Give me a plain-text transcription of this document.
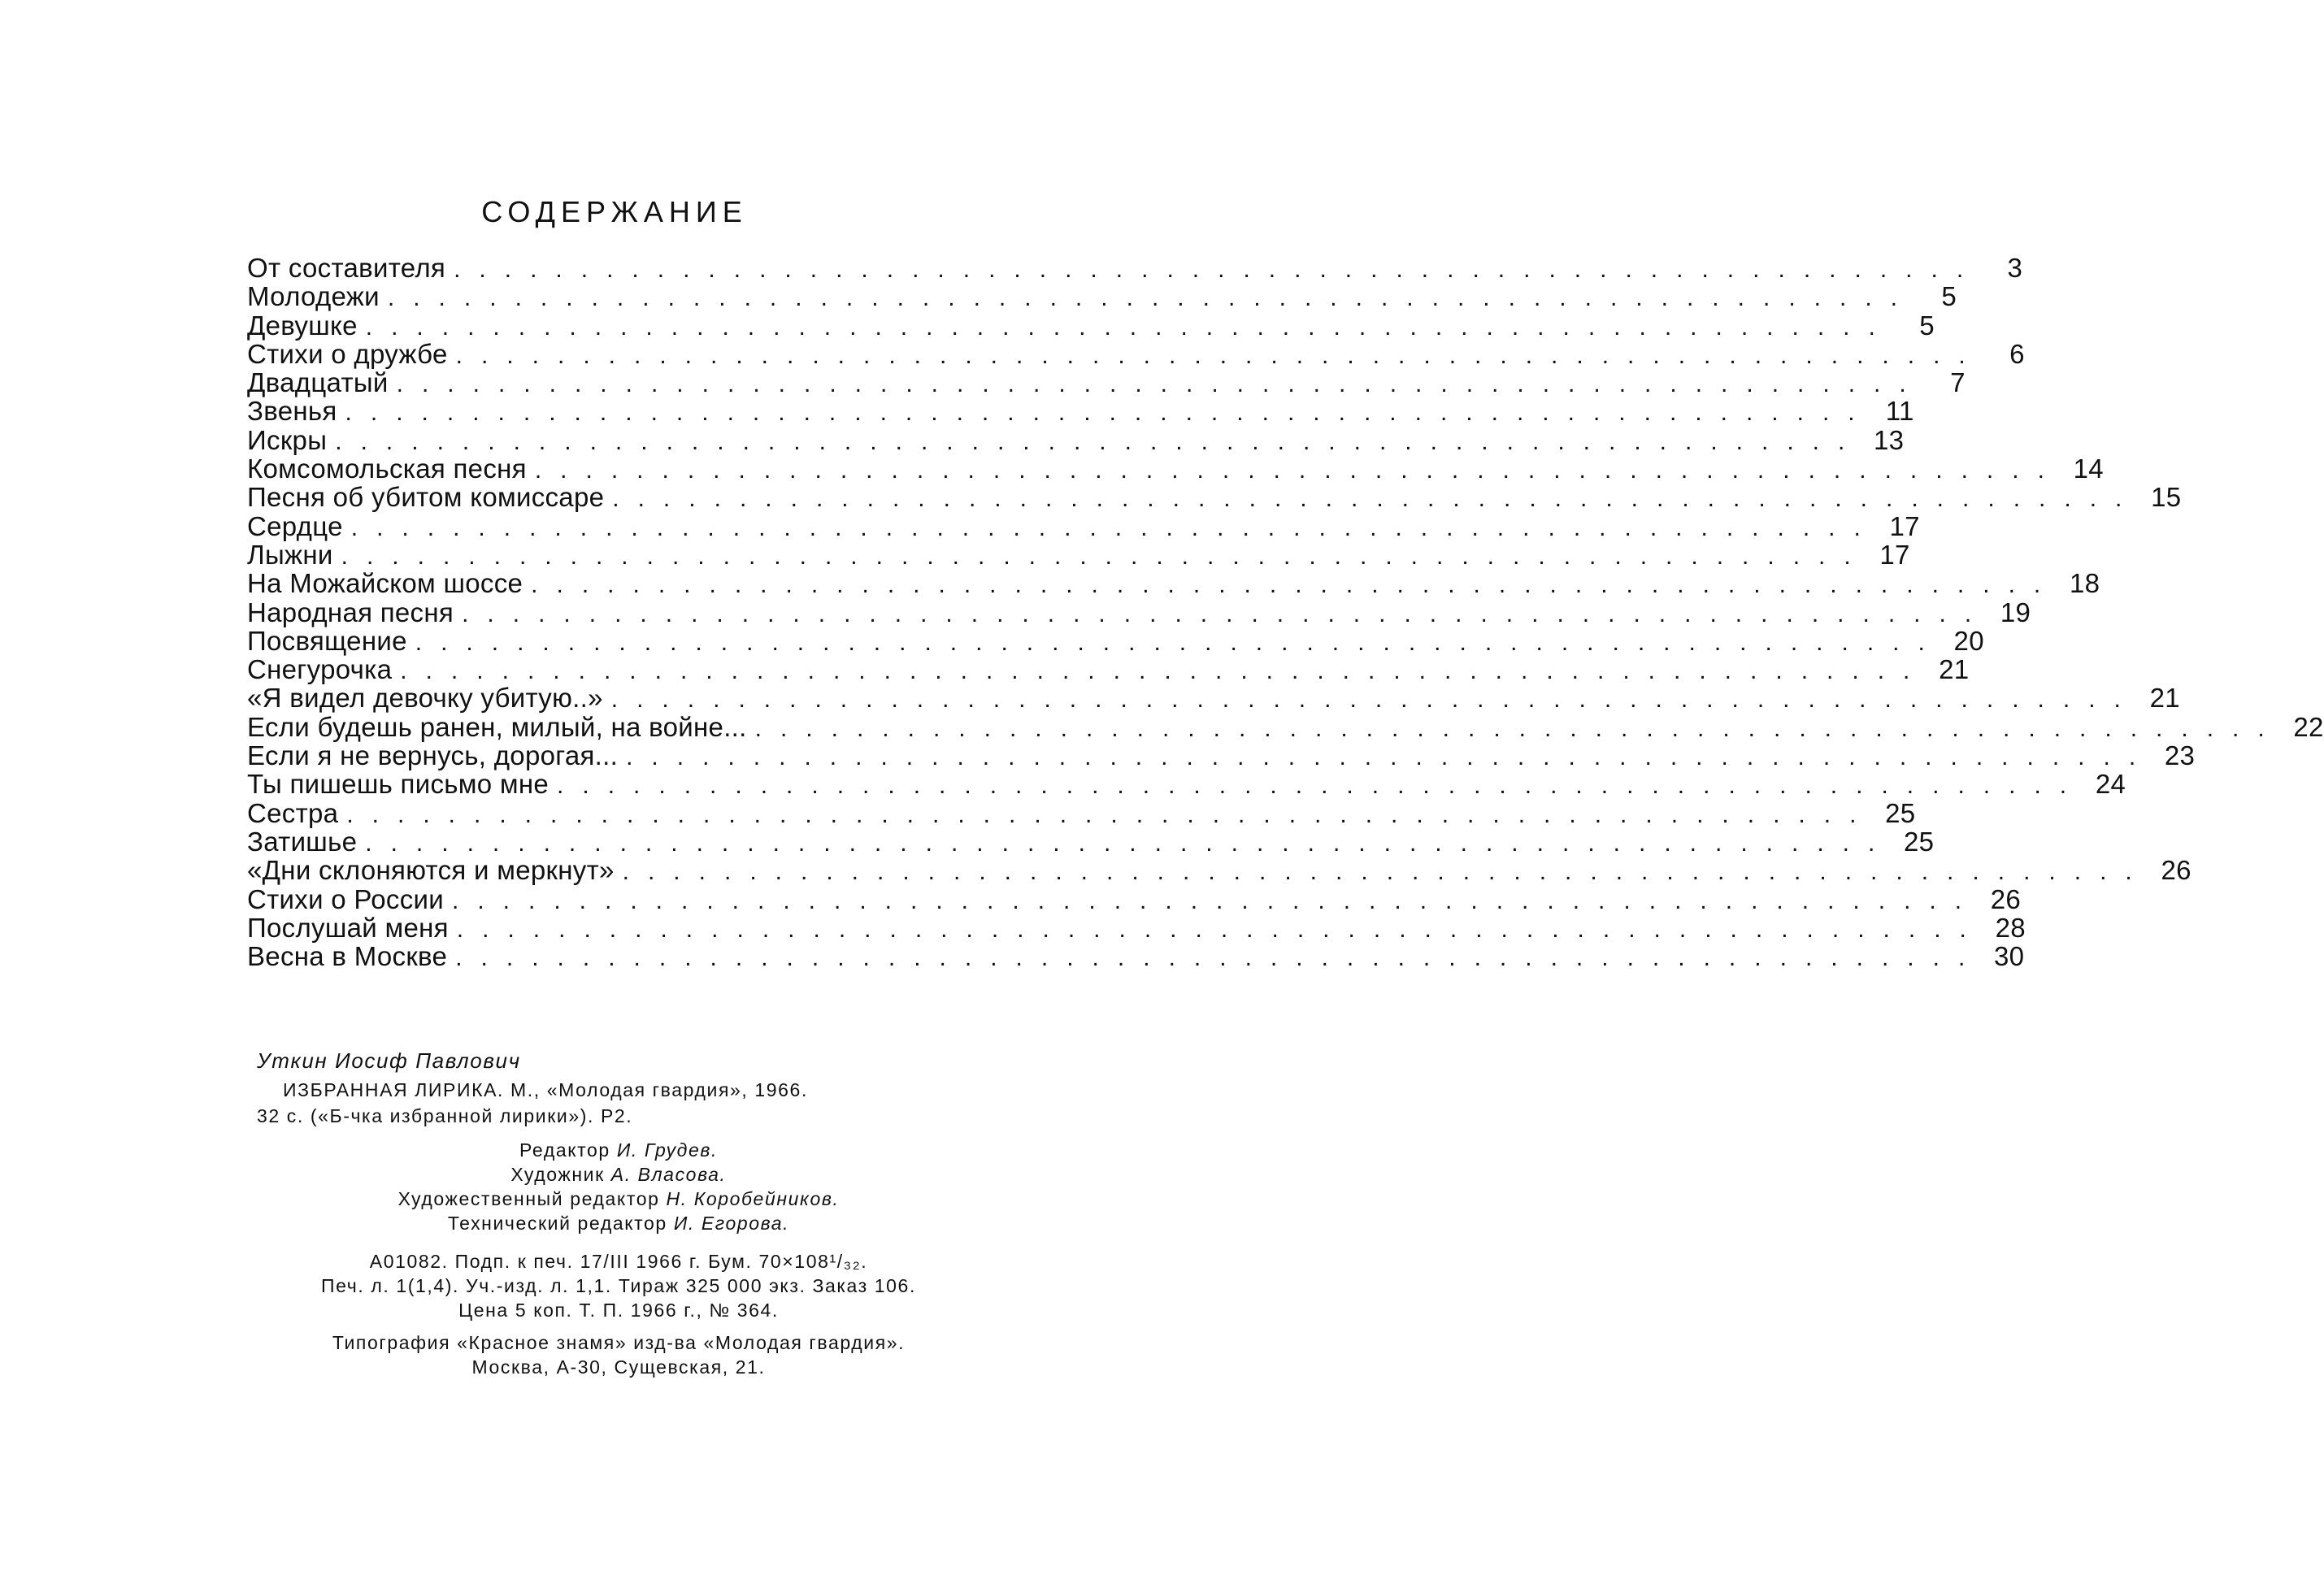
СОДЕРЖАНИЕ
От составителя ............................................................ 3
Молодежи ............................................................ 5
Девушке ............................................................ 5
Стихи о дружбе ............................................................ 6
Двадцатый ............................................................ 7
Звенья ............................................................ 11
Искры ............................................................ 13
Комсомольская песня ............................................................ 14
Песня об убитом комиссаре ............................................................ 15
Сердце ............................................................ 17
Лыжни ............................................................ 17
На Можайском шоссе ............................................................ 18
Народная песня ............................................................ 19
Посвящение ............................................................ 20
Снегурочка ............................................................ 21
«Я видел девочку убитую..» ............................................................ 21
Если будешь ранен, милый, на войне... ............................................................ 22
Если я не вернусь, дорогая... ............................................................ 23
Ты пишешь письмо мне ............................................................ 24
Сестра ............................................................ 25
Затишье ............................................................ 25
«Дни склоняются и меркнут» ............................................................ 26
Стихи о России ............................................................ 26
Послушай меня ............................................................ 28
Весна в Москве ............................................................ 30
Уткин Иосиф Павлович
ИЗБРАННАЯ ЛИРИКА. М., «Молодая гвардия», 1966.
32 с. («Б-чка избранной лирики»). Р2.
Редактор И. Грудев.
Художник А. Власова.
Художественный редактор Н. Коробейников.
Технический редактор И. Егорова.
А01082. Подп. к печ. 17/III 1966 г. Бум. 70×108¹/₃₂.
Печ. л. 1(1,4). Уч.-изд. л. 1,1. Тираж 325 000 экз. Заказ 106.
Цена 5 коп. Т. П. 1966 г., № 364.
Типография «Красное знамя» изд-ва «Молодая гвардия».
Москва, А-30, Сущевская, 21.
